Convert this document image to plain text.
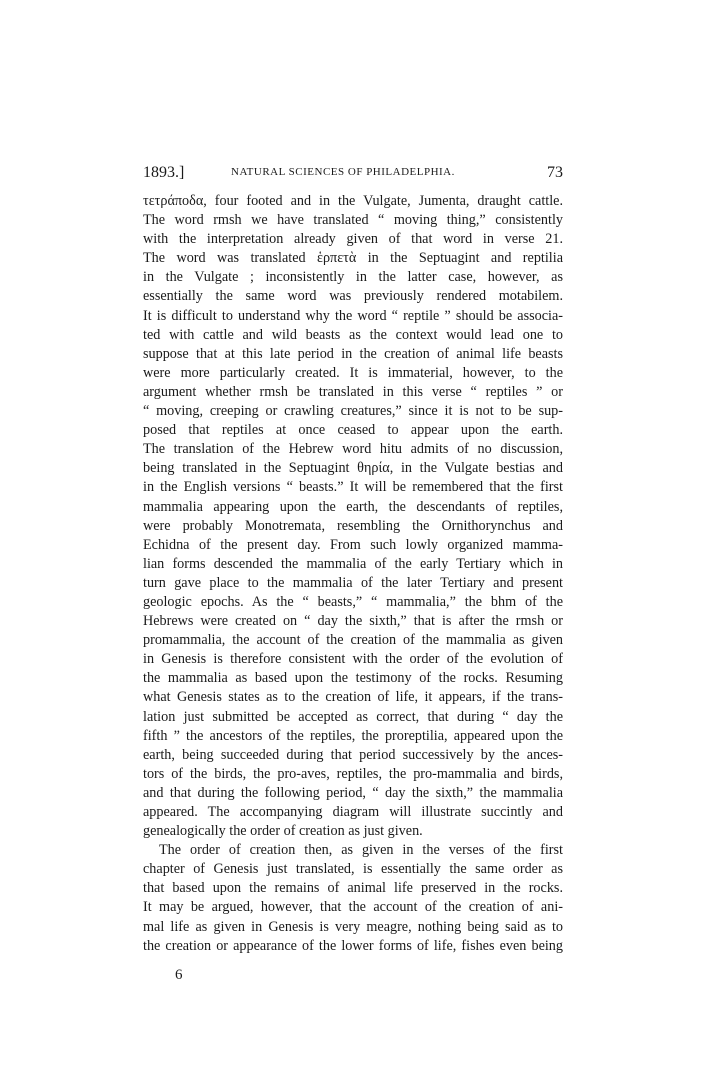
1893.]	NATURAL SCIENCES OF PHILADELPHIA.	73
τετράποδα, four footed and in the Vulgate, Jumenta, draught cattle.
The word rmsh we have translated “ moving thing,” consistently
with the interpretation already given of that word in verse 21.
The word was translated ἑρπετὰ in the Septuagint and reptilia
in the Vulgate ; inconsistently in the latter case, however, as
essentially the same word was previously rendered motabilem.
It is difficult to understand why the word “ reptile ” should be associa-
ted with cattle and wild beasts as the context would lead one to
suppose that at this late period in the creation of animal life beasts
were more particularly created. It is immaterial, however, to the
argument whether rmsh be translated in this verse “ reptiles ” or
“ moving, creeping or crawling creatures,” since it is not to be sup-
posed that reptiles at once ceased to appear upon the earth.
The translation of the Hebrew word hitu admits of no discussion,
being translated in the Septuagint θηρία, in the Vulgate bestias and
in the English versions “ beasts.” It will be remembered that the first
mammalia appearing upon the earth, the descendants of reptiles,
were probably Monotremata, resembling the Ornithorynchus and
Echidna of the present day. From such lowly organized mamma-
lian forms descended the mammalia of the early Tertiary which in
turn gave place to the mammalia of the later Tertiary and present
geologic epochs. As the “ beasts,” “ mammalia,” the bhm of the
Hebrews were created on “ day the sixth,” that is after the rmsh or
promammalia, the account of the creation of the mammalia as given
in Genesis is therefore consistent with the order of the evolution of
the mammalia as based upon the testimony of the rocks. Resuming
what Genesis states as to the creation of life, it appears, if the trans-
lation just submitted be accepted as correct, that during “ day the
fifth ” the ancestors of the reptiles, the proreptilia, appeared upon the
earth, being succeeded during that period successively by the ances-
tors of the birds, the pro-aves, reptiles, the pro-mammalia and birds,
and that during the following period, “ day the sixth,” the mammalia
appeared. The accompanying diagram will illustrate succintly and
genealogically the order of creation as just given.
The order of creation then, as given in the verses of the first
chapter of Genesis just translated, is essentially the same order as
that based upon the remains of animal life preserved in the rocks.
It may be argued, however, that the account of the creation of ani-
mal life as given in Genesis is very meagre, nothing being said as to
the creation or appearance of the lower forms of life, fishes even being
6
